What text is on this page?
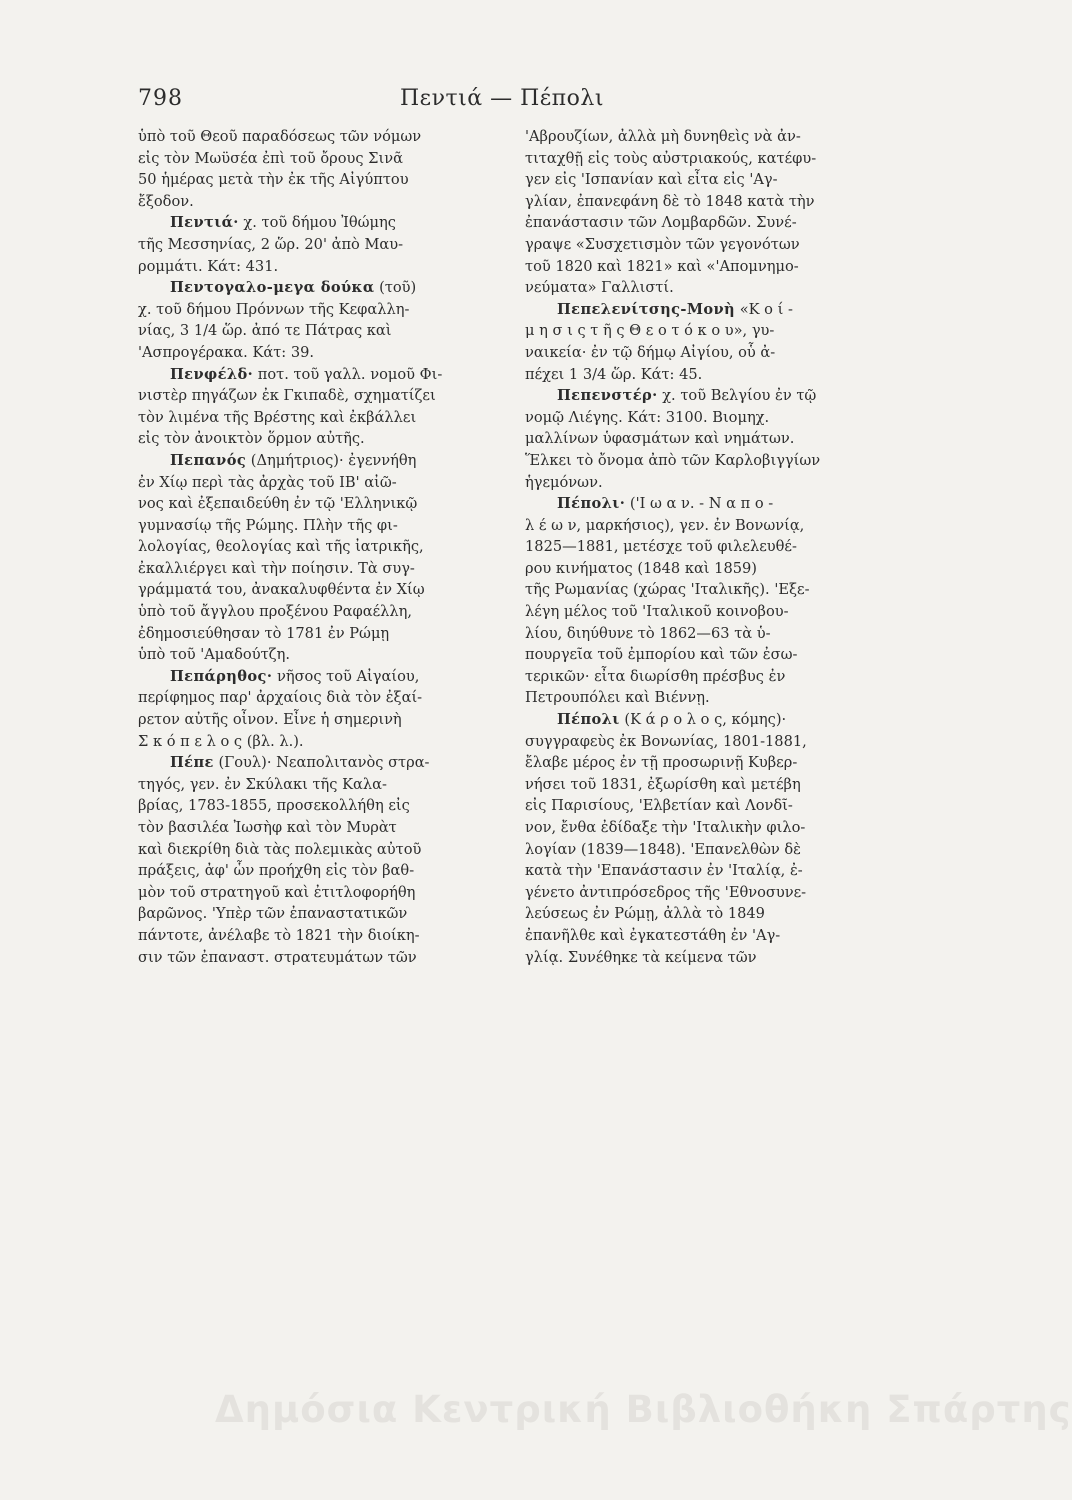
798	Πεντιά — Πέπολι
ὑπὸ τοῦ Θεοῦ παραδόσεως τῶν νόμων
εἰς τὸν Μωϋσέα ἐπὶ τοῦ ὄρους Σινᾶ
50 ἡμέρας μετὰ τὴν ἐκ τῆς Αἰγύπτου
ἔξοδον.
Πεντιά· χ. τοῦ δήμου Ἰθώμης
τῆς Μεσσηνίας, 2 ὥρ. 20' ἀπὸ Μαυ-
ρομμάτι. Κάτ: 431.
Πεντογαλο-μεγα δούκα (τοῦ)
χ. τοῦ δήμου Πρόννων τῆς Κεφαλλη-
νίας, 3 1/4 ὥρ. ἀπό τε Πάτρας καὶ
'Ασπρογέρακα. Κάτ: 39.
Πενφέλδ· ποτ. τοῦ γαλλ. νομοῦ Φι-
νιστὲρ πηγάζων ἐκ Γκιπαδὲ, σχηματίζει
τὸν λιμένα τῆς Βρέστης καὶ ἐκβάλλει
εἰς τὸν ἀνοικτὸν ὅρμον αὐτῆς.
Πεπανός (Δημήτριος)· ἐγεννήθη
ἐν Χίῳ περὶ τὰς ἀρχὰς τοῦ ΙΒ' αἰῶ-
νος καὶ ἐξεπαιδεύθη ἐν τῷ 'Ελληνικῷ
γυμνασίῳ τῆς Ρώμης. Πλὴν τῆς φι-
λολογίας, θεολογίας καὶ τῆς ἰατρικῆς,
ἐκαλλιέργει καὶ τὴν ποίησιν. Τὰ συγ-
γράμματά του, ἀνακαλυφθέντα ἐν Χίῳ
ὑπὸ τοῦ ἄγγλου προξένου Ραφαέλλη,
ἐδημοσιεύθησαν τὸ 1781 ἐν Ρώμῃ
ὑπὸ τοῦ 'Αμαδούτζη.
Πεπάρηθος· νῆσος τοῦ Αἰγαίου,
περίφημος παρ' ἀρχαίοις διὰ τὸν ἐξαί-
ρετον αὐτῆς οἶνον. Εἶνε ἡ σημερινὴ
Σ κ ό π ε λ ο ς (βλ. λ.).
Πέπε (Γουλ)· Νεαπολιτανὸς στρα-
τηγός, γεν. ἐν Σκύλακι τῆς Καλα-
βρίας, 1783-1855, προσεκολλήθη εἰς
τὸν βασιλέα Ἰωσὴφ καὶ τὸν Μυρὰτ
καὶ διεκρίθη διὰ τὰς πολεμικὰς αὐτοῦ
πράξεις, ἀφ' ὧν προήχθη εἰς τὸν βαθ-
μὸν τοῦ στρατηγοῦ καὶ ἐτιτλοφορήθη
βαρῶνος. 'Υπὲρ τῶν ἐπαναστατικῶν
πάντοτε, ἀνέλαβε τὸ 1821 τὴν διοίκη-
σιν τῶν ἐπαναστ. στρατευμάτων τῶν
'Αβρουζίων, ἀλλὰ μὴ δυνηθεὶς νὰ ἀν-
τιταχθῇ εἰς τοὺς αὐστριακούς, κατέφυ-
γεν εἰς 'Ισπανίαν καὶ εἶτα εἰς 'Αγ-
γλίαν, ἐπανεφάνη δὲ τὸ 1848 κατὰ τὴν
ἐπανάστασιν τῶν Λομβαρδῶν. Συνέ-
γραψε «Συσχετισμὸν τῶν γεγονότων
τοῦ 1820 καὶ 1821» καὶ «'Απομνημο-
νεύματα» Γαλλιστί.
Πεπελενίτσης-Μονὴ «Κ ο ί -
μ η σ ι ς τ ῆ ς Θ ε ο τ ό κ ο υ», γυ-
ναικεία· ἐν τῷ δήμῳ Αἰγίου, οὗ ἀ-
πέχει 1 3/4 ὥρ. Κάτ: 45.
Πεπενστέρ· χ. τοῦ Βελγίου ἐν τῷ
νομῷ Λιέγης. Κάτ: 3100. Βιομηχ.
μαλλίνων ὑφασμάτων καὶ νημάτων.
Ἕλκει τὸ ὄνομα ἀπὸ τῶν Καρλοβιγγίων
ἡγεμόνων.
Πέπολι· ('Ι ω α ν. - Ν α π ο -
λ έ ω ν, μαρκήσιος), γεν. ἐν Βονωνίᾳ,
1825—1881, μετέσχε τοῦ φιλελευθέ-
ρου κινήματος (1848 καὶ 1859)
τῆς Ρωμανίας (χώρας 'Ιταλικῆς). 'Εξε-
λέγη μέλος τοῦ 'Ιταλικοῦ κοινοβου-
λίου, διηύθυνε τὸ 1862—63 τὰ ὑ-
πουργεῖα τοῦ ἐμπορίου καὶ τῶν ἐσω-
τερικῶν· εἶτα διωρίσθη πρέσβυς ἐν
Πετρουπόλει καὶ Βιέννῃ.
Πέπολι (Κ ά ρ ο λ ο ς, κόμης)·
συγγραφεὺς ἐκ Βονωνίας, 1801-1881,
ἔλαβε μέρος ἐν τῇ προσωρινῇ Κυβερ-
νήσει τοῦ 1831, ἐξωρίσθη καὶ μετέβη
εἰς Παρισίους, 'Ελβετίαν καὶ Λονδῖ-
νον, ἔνθα ἐδίδαξε τὴν 'Ιταλικὴν φιλο-
λογίαν (1839—1848). 'Επανελθὼν δὲ
κατὰ τὴν 'Επανάστασιν ἐν 'Ιταλίᾳ, ἐ-
γένετο ἀντιπρόσεδρος τῆς 'Εθνοσυνε-
λεύσεως ἐν Ρώμῃ, ἀλλὰ τὸ 1849
ἐπανῆλθε καὶ ἐγκατεστάθη ἐν 'Αγ-
γλίᾳ. Συνέθηκε τὰ κείμενα τῶν
Δημόσια Κεντρική Βιβλιοθήκη Σπάρτης
